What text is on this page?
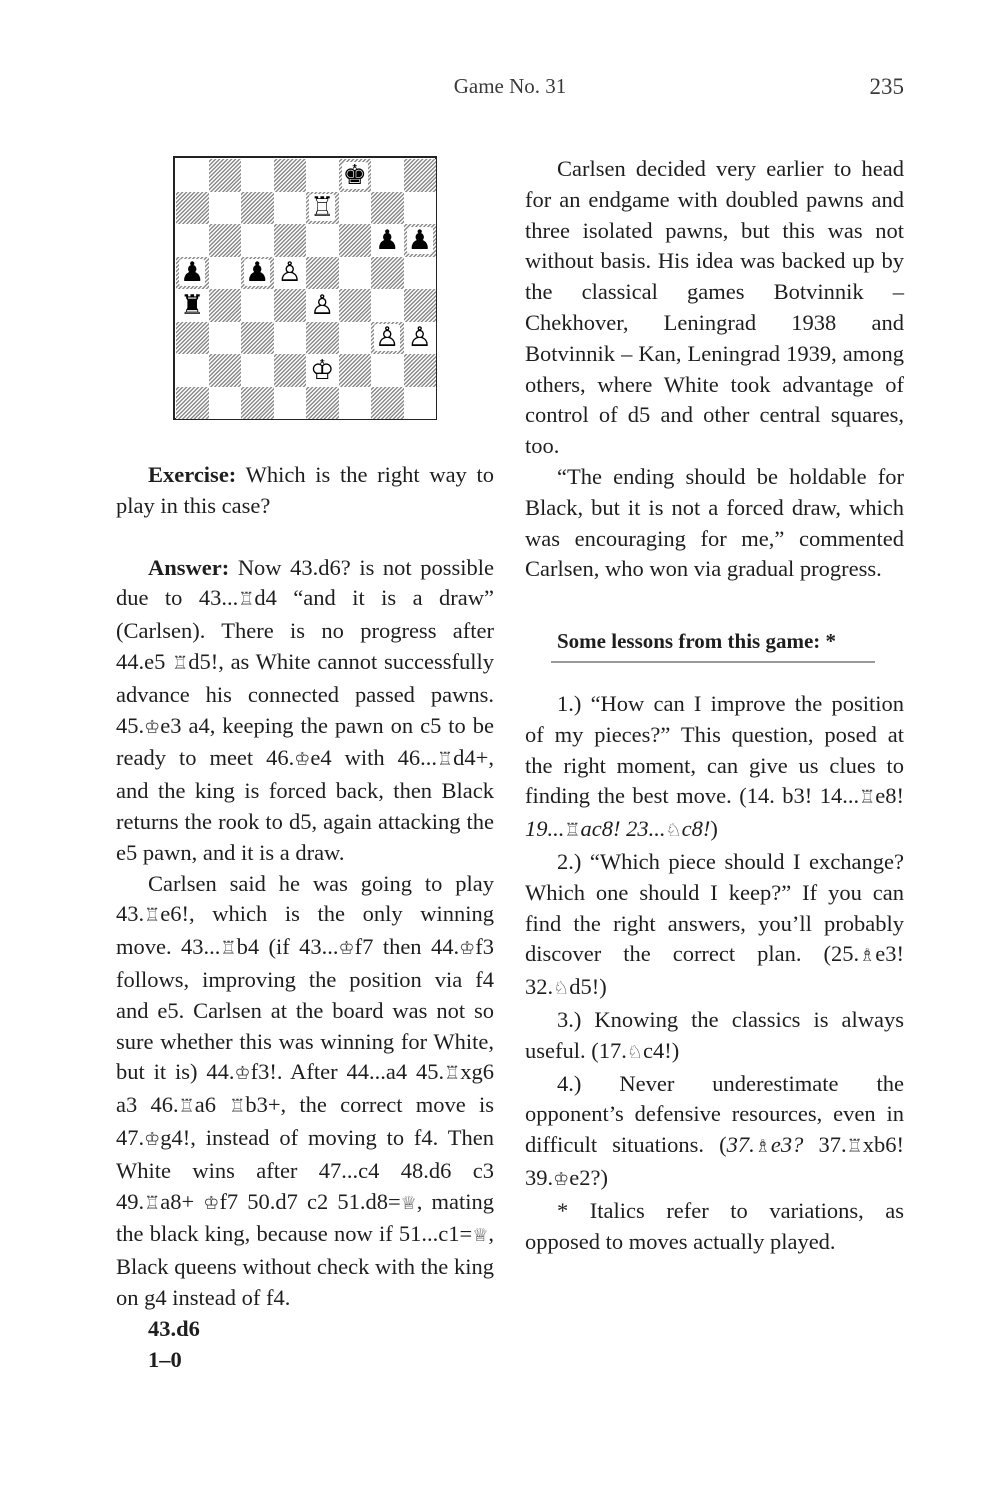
Game No. 31	235
♚
♖
♟ ♟
♟ ♟ ♙
♜	♙
♙ ♙
♔

Exercise: Which is the right way to play in this case?

Answer: Now 43.d6? is not possible due to 43...♖d4 “and it is a draw” (Carlsen). There is no progress after 44.e5 ♖d5!, as White cannot successfully advance his connected passed pawns. 45.♔e3 a4, keeping the pawn on c5 to be ready to meet 46.♔e4 with 46...♖d4+, and the king is forced back, then Black returns the rook to d5, again attacking the e5 pawn, and it is a draw.

Carlsen said he was going to play 43.♖e6!, which is the only winning move. 43...♖b4 (if 43...♔f7 then 44.♔f3 follows, improving the position via f4 and e5. Carlsen at the board was not so sure whether this was winning for White, but it is) 44.♔f3!. After 44...a4 45.♖xg6 a3 46.♖a6 ♖b3+, the correct move is 47.♔g4!, instead of moving to f4. Then White wins after 47...c4 48.d6 c3 49.♖a8+ ♔f7 50.d7 c2 51.d8=♕, mating the black king, because now if 51...c1=♕, Black queens without check with the king on g4 instead of f4.

43.d6
1–0

Carlsen decided very earlier to head for an endgame with doubled pawns and three isolated pawns, but this was not without basis. His idea was backed up by the classical games Botvinnik – Chekhover, Leningrad 1938 and Botvinnik – Kan, Leningrad 1939, among others, where White took advantage of control of d5 and other central squares, too.

“The ending should be holdable for Black, but it is not a forced draw, which was encouraging for me,” commented Carlsen, who won via gradual progress.

Some lessons from this game: *

1.) “How can I improve the position of my pieces?” This question, posed at the right moment, can give us clues to finding the best move. (14. b3! 14...♖e8! 19...♖ac8! 23...♘c8!)

2.) “Which piece should I exchange? Which one should I keep?” If you can find the right answers, you’ll probably discover the correct plan. (25.♗e3! 32.♘d5!)

3.) Knowing the classics is always useful. (17.♘c4!)

4.) Never underestimate the opponent’s defensive resources, even in difficult situations. (37.♗e3? 37.♖xb6! 39.♔e2?)

* Italics refer to variations, as opposed to moves actually played.
